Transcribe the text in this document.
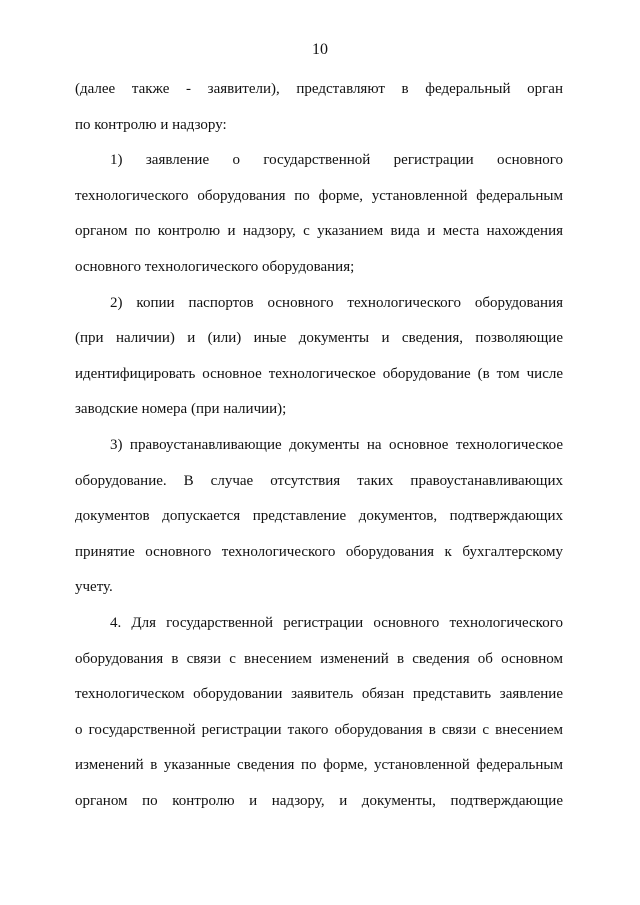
10
(далее также - заявители), представляют в федеральный орган
по контролю и надзору:
1) заявление о государственной регистрации основного
технологического оборудования по форме, установленной федеральным
органом по контролю и надзору, с указанием вида и места нахождения
основного технологического оборудования;
2) копии паспортов основного технологического оборудования
(при наличии) и (или) иные документы и сведения, позволяющие
идентифицировать основное технологическое оборудование (в том числе
заводские номера (при наличии);
3) правоустанавливающие документы на основное технологическое
оборудование. В случае отсутствия таких правоустанавливающих
документов допускается представление документов, подтверждающих
принятие основного технологического оборудования к бухгалтерскому
учету.
4. Для государственной регистрации основного технологического
оборудования в связи с внесением изменений в сведения об основном
технологическом оборудовании заявитель обязан представить заявление
о государственной регистрации такого оборудования в связи с внесением
изменений в указанные сведения по форме, установленной федеральным
органом по контролю и надзору, и документы, подтверждающие
